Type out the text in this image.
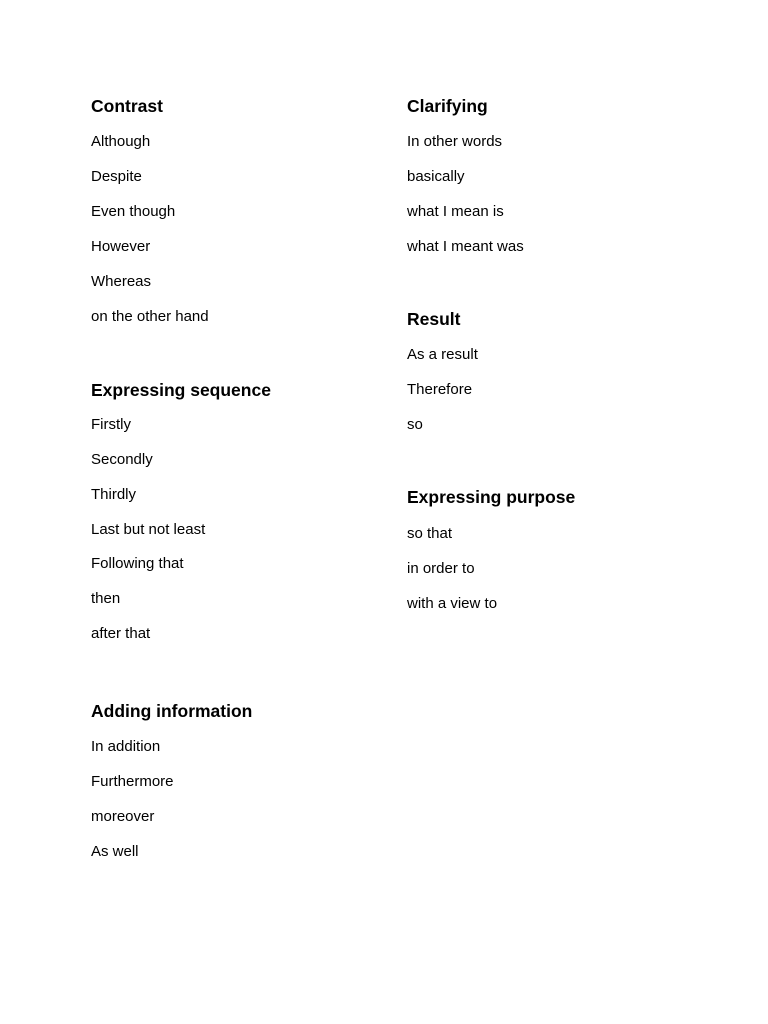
Contrast

Although

Despite

Even though

However

Whereas

on the other hand

Expressing sequence

Firstly

Secondly

Thirdly

Last but not least

Following that

then

after that

Adding information

In addition

Furthermore

moreover

As well

Clarifying

In other words

basically

what I mean is

what I meant was

Result

As a result

Therefore

so

Expressing purpose

so that

in order to

with a view to
